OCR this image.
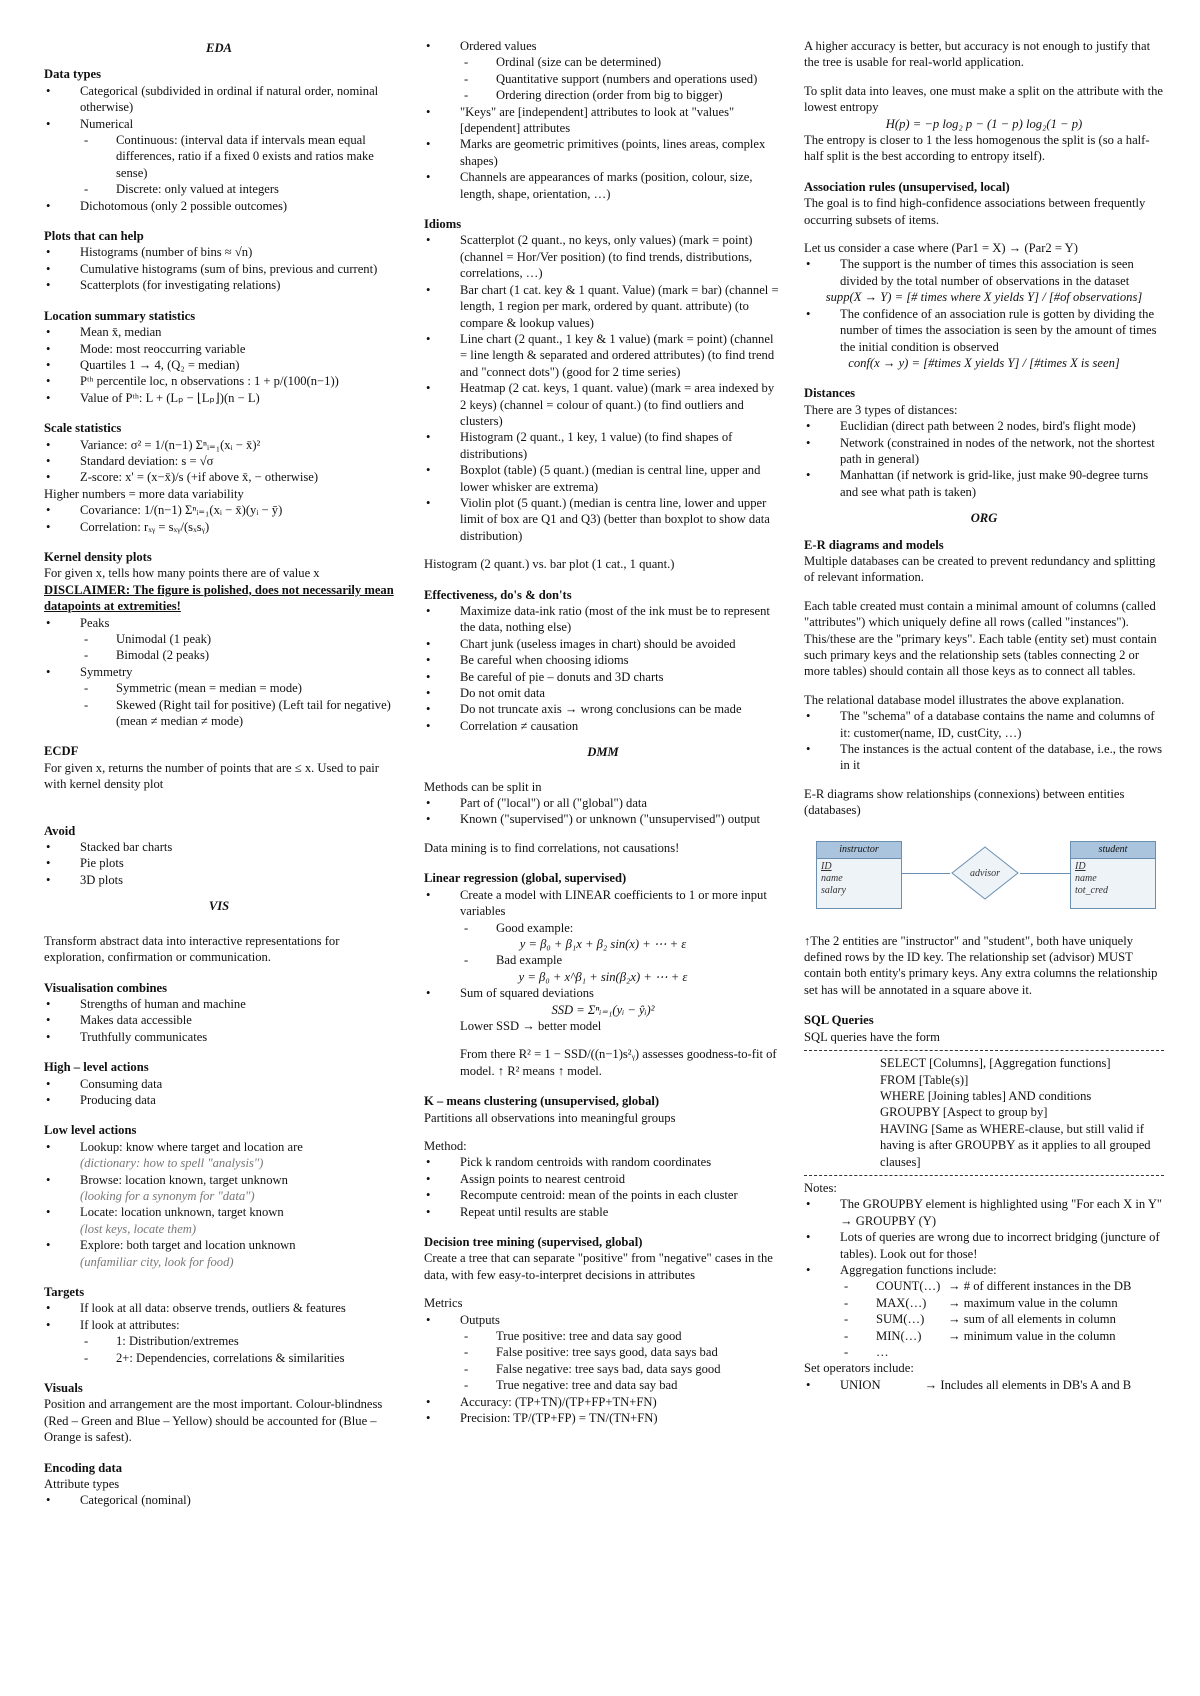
EDA
Data types
• Categorical (subdivided in ordinal if natural order, nominal otherwise)
• Numerical
- Continuous: (interval data if intervals mean equal differences, ratio if a fixed 0 exists and ratios make sense)
- Discrete: only valued at integers
• Dichotomous (only 2 possible outcomes)
Plots that can help
• Histograms (number of bins ≈ √n)
• Cumulative histograms (sum of bins, previous and current)
• Scatterplots (for investigating relations)
Location summary statistics
• Mean x̄, median
• Mode: most reoccurring variable
• Quartiles 1 → 4, (Q₂ = median)
• Pᵗʰ percentile loc, n observations : 1 + p/(100(n−1))
• Value of Pᵗʰ: L + (Lₚ − ⌊Lₚ⌋)(n − L)
Scale statistics
• Variance: σ² = 1/(n−1) Σⁿᵢ₌₁(xᵢ − x̄)²
• Standard deviation: s = √σ
• Z-score: x' = (x−x̄)/s (+if above x̄, − otherwise)
Higher numbers = more data variability
• Covariance: 1/(n−1) Σⁿᵢ₌₁(xᵢ − x̄)(yᵢ − ȳ)
• Correlation: rₓᵧ = sₓᵧ/(sₓsᵧ)
Kernel density plots
For given x, tells how many points there are of value x
DISCLAIMER: The figure is polished, does not necessarily mean datapoints at extremities!
• Peaks
- Unimodal (1 peak)
- Bimodal (2 peaks)
• Symmetry
- Symmetric (mean = median = mode)
- Skewed (Right tail for positive) (Left tail for negative) (mean ≠ median ≠ mode)
ECDF
For given x, returns the number of points that are ≤ x. Used to pair with kernel density plot
Avoid
• Stacked bar charts
• Pie plots
• 3D plots
VIS
Transform abstract data into interactive representations for exploration, confirmation or communication.
Visualisation combines
• Strengths of human and machine
• Makes data accessible
• Truthfully communicates
High – level actions
• Consuming data
• Producing data
Low level actions
• Lookup: know where target and location are
(dictionary: how to spell "analysis")
• Browse: location known, target unknown
(looking for a synonym for "data")
• Locate: location unknown, target known
(lost keys, locate them)
• Explore: both target and location unknown
(unfamiliar city, look for food)
Targets
• If look at all data: observe trends, outliers & features
• If look at attributes:
- 1: Distribution/extremes
- 2+: Dependencies, correlations & similarities
Visuals
Position and arrangement are the most important. Colour-blindness (Red – Green and Blue – Yellow) should be accounted for (Blue – Orange is safest).
Encoding data
Attribute types
• Categorical (nominal)
• Ordered values
- Ordinal (size can be determined)
- Quantitative support (numbers and operations used)
- Ordering direction (order from big to bigger)
• "Keys" are [independent] attributes to look at "values" [dependent] attributes
• Marks are geometric primitives (points, lines areas, complex shapes)
• Channels are appearances of marks (position, colour, size, length, shape, orientation, …)
Idioms
• Scatterplot (2 quant., no keys, only values) (mark = point) (channel = Hor/Ver position) (to find trends, distributions, correlations, …)
• Bar chart (1 cat. key & 1 quant. Value) (mark = bar) (channel = length, 1 region per mark, ordered by quant. attribute) (to compare & lookup values)
• Line chart (2 quant., 1 key & 1 value) (mark = point) (channel = line length & separated and ordered attributes) (to find trend and "connect dots") (good for 2 time series)
• Heatmap (2 cat. keys, 1 quant. value) (mark = area indexed by 2 keys) (channel = colour of quant.) (to find outliers and clusters)
• Histogram (2 quant., 1 key, 1 value) (to find shapes of distributions)
• Boxplot (table) (5 quant.) (median is central line, upper and lower whisker are extrema)
• Violin plot (5 quant.) (median is centra line, lower and upper limit of box are Q1 and Q3) (better than boxplot to show data distribution)
Histogram (2 quant.) vs. bar plot (1 cat., 1 quant.)
Effectiveness, do's & don'ts
• Maximize data-ink ratio (most of the ink must be to represent the data, nothing else)
• Chart junk (useless images in chart) should be avoided
• Be careful when choosing idioms
• Be careful of pie – donuts and 3D charts
• Do not omit data
• Do not truncate axis → wrong conclusions can be made
• Correlation ≠ causation
DMM
Methods can be split in
• Part of ("local") or all ("global") data
• Known ("supervised") or unknown ("unsupervised") output
Data mining is to find correlations, not causations!
Linear regression (global, supervised)
• Create a model with LINEAR coefficients to 1 or more input variables
- Good example:
y = β₀ + β₁x + β₂ sin(x) + ⋯ + ε
- Bad example
y = β₀ + x^β₁ + sin(β₂x) + ⋯ + ε
• Sum of squared deviations
SSD = Σⁿᵢ₌₁(yᵢ − ŷᵢ)²
Lower SSD → better model
From there R² = 1 − SSD/((n−1)s²ᵧ) assesses goodness-to-fit of model. ↑ R² means ↑ model.
K – means clustering (unsupervised, global)
Partitions all observations into meaningful groups
Method:
• Pick k random centroids with random coordinates
• Assign points to nearest centroid
• Recompute centroid: mean of the points in each cluster
• Repeat until results are stable
Decision tree mining (supervised, global)
Create a tree that can separate "positive" from "negative" cases in the data, with few easy-to-interpret decisions in attributes
Metrics
• Outputs
- True positive: tree and data say good
- False positive: tree says good, data says bad
- False negative: tree says bad, data says good
- True negative: tree and data say bad
• Accuracy: (TP+TN)/(TP+FP+TN+FN)
• Precision: TP/(TP+FP) = TN/(TN+FN)
A higher accuracy is better, but accuracy is not enough to justify that the tree is usable for real-world application.
To split data into leaves, one must make a split on the attribute with the lowest entropy
H(p) = −p log₂ p − (1 − p) log₂(1 − p)
The entropy is closer to 1 the less homogenous the split is (so a half-half split is the best according to entropy itself).
Association rules (unsupervised, local)
The goal is to find high-confidence associations between frequently occurring subsets of items.
Let us consider a case where (Par1 = X) → (Par2 = Y)
• The support is the number of times this association is seen divided by the total number of observations in the dataset
supp(X → Y) = [# times where X yields Y] / [#of observations]
• The confidence of an association rule is gotten by dividing the number of times the association is seen by the amount of times the initial condition is observed
conf(x → y) = [#times X yields Y] / [#times X is seen]
Distances
There are 3 types of distances:
• Euclidian (direct path between 2 nodes, bird's flight mode)
• Network (constrained in nodes of the network, not the shortest path in general)
• Manhattan (if network is grid-like, just make 90-degree turns and see what path is taken)
ORG
E-R diagrams and models
Multiple databases can be created to prevent redundancy and splitting of relevant information.
Each table created must contain a minimal amount of columns (called "attributes") which uniquely define all rows (called "instances"). This/these are the "primary keys". Each table (entity set) must contain such primary keys and the relationship sets (tables connecting 2 or more tables) should contain all those keys as to connect all tables.
The relational database model illustrates the above explanation.
• The "schema" of a database contains the name and columns of it: customer(name, ID, custCity, …)
• The instances is the actual content of the database, i.e., the rows in it
E-R diagrams show relationships (connexions) between entities (databases)
instructor
ID
name
salary
advisor
student
ID
name
tot_cred
↑The 2 entities are "instructor" and "student", both have uniquely defined rows by the ID key. The relationship set (advisor) MUST contain both entity's primary keys. Any extra columns the relationship set has will be annotated in a square above it.
SQL Queries
SQL queries have the form
SELECT [Columns], [Aggregation functions]
FROM [Table(s)]
WHERE [Joining tables] AND conditions
GROUPBY [Aspect to group by]
HAVING [Same as WHERE-clause, but still valid if having is after GROUPBY as it applies to all grouped clauses]
Notes:
• The GROUPBY element is highlighted using "For each X in Y" → GROUPBY (Y)
• Lots of queries are wrong due to incorrect bridging (juncture of tables). Look out for those!
• Aggregation functions include:
- COUNT(…) → # of different instances in the DB
- MAX(…)	→ maximum value in the column
- SUM(…)	→ sum of all elements in column
- MIN(…)	→ minimum value in the column
- …
Set operators include:
• UNION              → Includes all elements in DB's A and B
